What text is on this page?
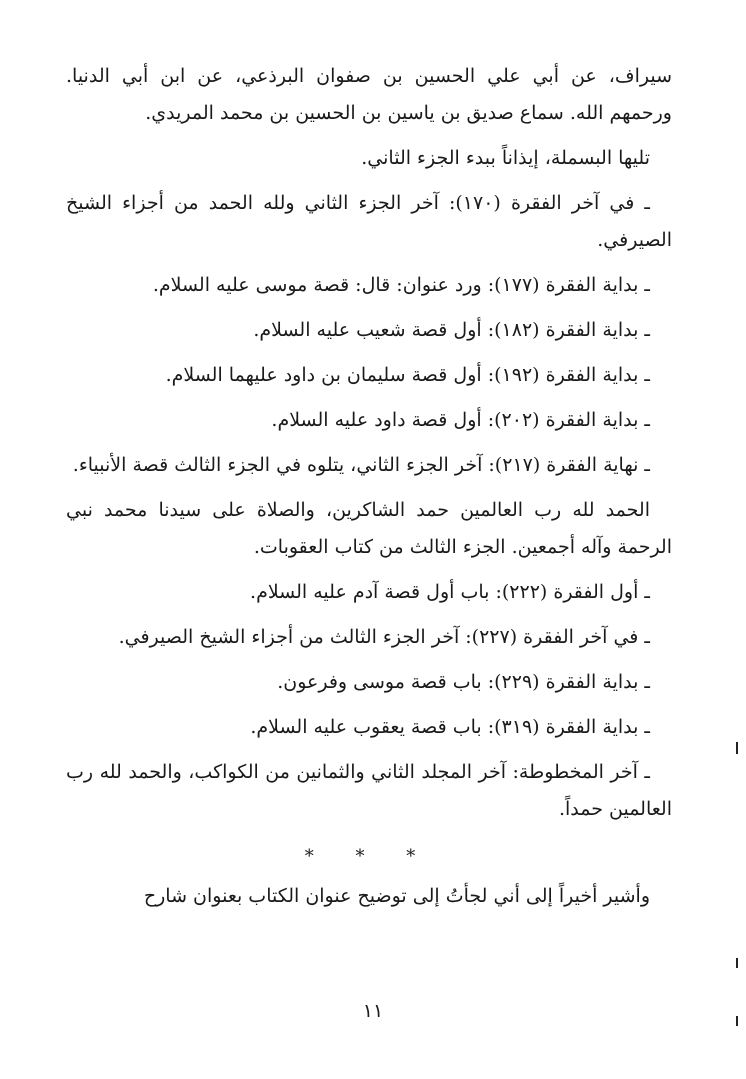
سيراف، عن أبي علي الحسين بن صفوان البرذعي، عن ابن أبي الدنيا. ورحمهم الله. سماع صديق بن ياسين بن الحسين بن محمد المريدي.

تليها البسملة، إيذاناً ببدء الجزء الثاني.

ـ في آخر الفقرة (١٧٠): آخر الجزء الثاني ولله الحمد من أجزاء الشيخ الصيرفي.

ـ بداية الفقرة (١٧٧): ورد عنوان: قال: قصة موسى عليه السلام.

ـ بداية الفقرة (١٨٢): أول قصة شعيب عليه السلام.

ـ بداية الفقرة (١٩٢): أول قصة سليمان بن داود عليهما السلام.

ـ بداية الفقرة (٢٠٢): أول قصة داود عليه السلام.

ـ نهاية الفقرة (٢١٧): آخر الجزء الثاني، يتلوه في الجزء الثالث قصة الأنبياء.

الحمد لله رب العالمين حمد الشاكرين، والصلاة على سيدنا محمد نبي الرحمة وآله أجمعين. الجزء الثالث من كتاب العقوبات.

ـ أول الفقرة (٢٢٢): باب أول قصة آدم عليه السلام.

ـ في آخر الفقرة (٢٢٧): آخر الجزء الثالث من أجزاء الشيخ الصيرفي.

ـ بداية الفقرة (٢٢٩): باب قصة موسى وفرعون.

ـ بداية الفقرة (٣١٩): باب قصة يعقوب عليه السلام.

ـ آخر المخطوطة: آخر المجلد الثاني والثمانين من الكواكب، والحمد لله رب العالمين حمداً.

* * *

وأشير أخيراً إلى أني لجأتُ إلى توضيح عنوان الكتاب بعنوان شارح

١١
